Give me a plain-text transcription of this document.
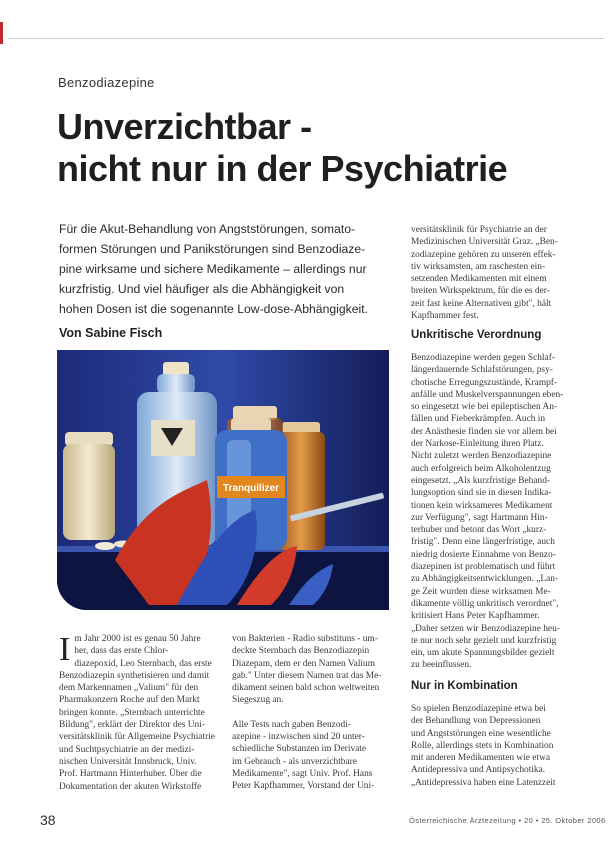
Benzodiazepine
Unverzichtbar -
nicht nur in der Psychiatrie
Für die Akut-Behandlung von Angststörungen, somato-
formen Störungen und Panikstörungen sind Benzodiaze-
pine wirksame und sichere Medikamente – allerdings nur
kurzfristig. Und viel häufiger als die Abhängigkeit von
hohen Dosen ist die sogenannte Low-dose-Abhängigkeit.
Von Sabine Fisch
Tranquilizer
I m Jahr 2000 ist es genau 50 Jahre
her, dass das erste Chlor-
diazepoxid, Leo Sternbach, das erste
Benzodiazepin synthetisieren und damit
dem Markennamen „Valium" für den
Pharmakonzern Roche auf den Markt
bringen konnte. „Sternbach unterrichte
Bildung", erklärt der Direktor des Uni-
versitätsklinik für Allgemeine Psychiatrie
und Suchtpsychiatrie an der medizi-
nischen Universität Innsbruck, Univ.
Prof. Hartmann Hinterhuber. Über die
Dokumentation der akuten Wirkstoffe
von Bakterien - Radio substituns - um-
deckte Sternbach das Benzodiazepin
Diazepam, dem er den Namen Valium
gab." Unter diesem Namen trat das Me-
dikament seinen bald schon weltweiten
Siegeszug an.
Alle Tests nach gaben Benzodi-
azepine - inzwischen sind 20 unter-
schiedliche Substanzen im Derivate
im Gebrauch - als unverzichtbare
Medikamente", sagt Univ. Prof. Hans
Peter Kapfhammer, Vorstand der Uni-
versitätsklinik für Psychiatrie an der
Medizinischen Universität Graz. „Ben-
zodiazepine gehören zu unseren effek-
tiv wirksamsten, am raschesten ein-
setzenden Medikamenten mit einem
breiten Wirkspektrum, für die es der-
zeit fast keine Alternativen gibt", hält
Kapfhammer fest.
Unkritische Verordnung
Benzodiazepine werden gegen Schlaf-
längerdauernde Schlafstörungen, psy-
chotische Erregungszustände, Krampf-
anfälle und Muskelverspannungen eben-
so eingesetzt wie bei epileptischen An-
fällen und Fieberkrämpfen. Auch in
der Anästhesie finden sie vor allem bei
der Narkose-Einleitung ihren Platz.
Nicht zuletzt werden Benzodiazepine
auch erfolgreich beim Alkoholentzug
eingesetzt. „Als kurzfristige Behand-
lungsoption sind sie in diesen Indika-
tionen kein wirksameres Medikament
zur Verfügung", sagt Hartmann Hin-
terhuber und betont das Wort „kurz-
fristig". Denn eine längerfristige, auch
niedrig dosierte Einnahme von Benzo-
diazepinen ist problematisch und führt
zu Abhängigkeitsentwicklungen. „Lan-
ge Zeit wurden diese wirksamen Me-
dikamente völlig unkritisch verordnet",
kritisiert Hans Peter Kapfhammer.
„Daher setzen wir Benzodiazepine heu-
te nur noch sehr gezielt und kurzfristig
ein, um akute Spannungsbilder gezielt
zu beeinflussen.
Nur in Kombination
So spielen Benzodiazepine etwa bei
der Behandlung von Depressionen
und Angststörungen eine wesentliche
Rolle, allerdings stets in Kombination
mit anderen Medikamenten wie etwa
Antidepressiva und Antipsychotika.
„Antidepressiva haben eine Latenzzeit
38	Österreichische Ärztezeitung • 20 • 25. Oktober 2006
